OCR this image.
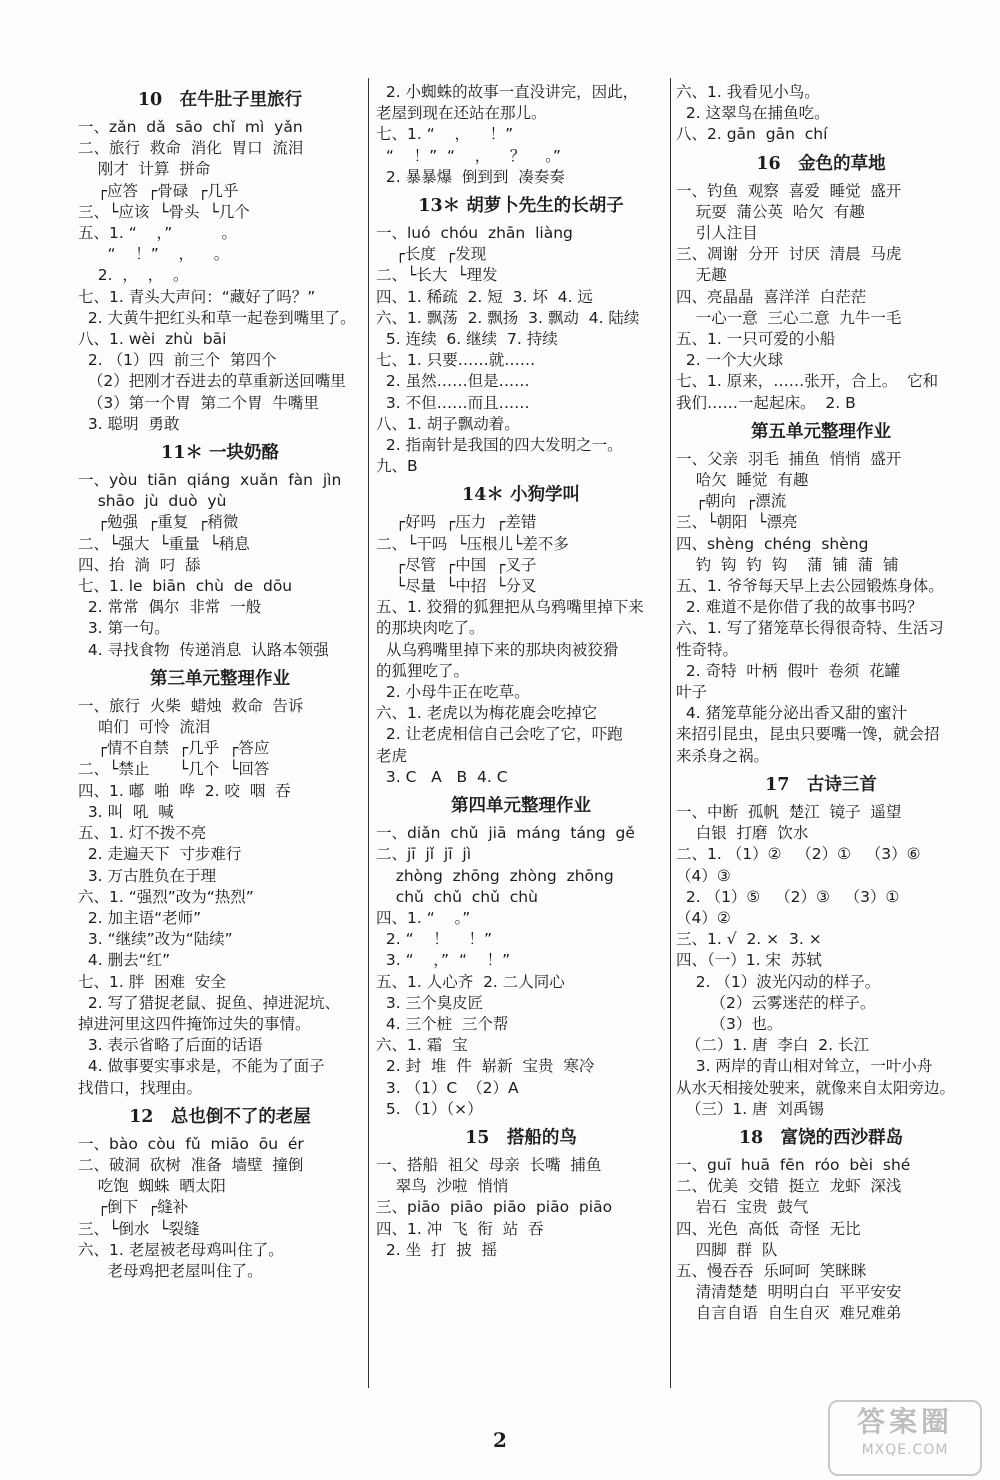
10　在牛肚子里旅行
一、zǎn  dǎ  sāo  chǐ  mì  yǎn
二、旅行  救命  消化  胃口  流泪
刚才  计算  拼命
┌应答  ┌骨碌  ┌几乎
三、└应该  └骨头  └几个
五、1. “    ，”          。
“    ！”    ，    。
2.  ，  ，  。
七、1. 青头大声问：“藏好了吗？”
2. 大黄牛把红头和草一起卷到嘴里了。
八、1. wèi  zhù  bāi
2. （1）四  前三个  第四个
（2）把刚才吞进去的草重新送回嘴里
（3）第一个胃  第二个胃  牛嘴里
3. 聪明  勇敢
11＊ 一块奶酪
一、yòu  tiān  qiáng  xuǎn  fàn  jìn
shāo  jù  duò  yù
┌勉强  ┌重复  ┌稍微
二、└强大  └重量  └稍息
四、抬  淌  叼  舔
七、1. le  biān  chù  de  dōu
2. 常常  偶尔  非常  一般
3. 第一句。
4. 寻找食物  传递消息  认路本领强
第三单元整理作业
一、旅行  火柴  蜡烛  救命  告诉
咱们  可怜  流泪
┌情不自禁  ┌几乎  ┌答应
二、└禁止      └几个  └回答
四、1. 嘟  啪  哗  2. 咬  咽  吞
3. 叫  吼  喊
五、1. 灯不拨不亮
2. 走遍天下  寸步难行
3. 万古胜负在于理
六、1. “强烈”改为“热烈”
2. 加主语“老师”
3. “继续”改为“陆续”
4. 删去“红”
七、1. 胖  困难  安全
2. 写了猎捉老鼠、捉鱼、掉进泥坑、
掉进河里这四件掩饰过失的事情。
3. 表示省略了后面的话语
4. 做事要实事求是，不能为了面子
找借口，找理由。
12　总也倒不了的老屋
一、bào  còu  fǔ  miāo  ōu  ér
二、破洞  砍树  准备  墙壁  撞倒
吃饱  蜘蛛  晒太阳
┌倒下  ┌缝补
三、└倒水  └裂缝
六、1. 老屋被老母鸡叫住了。
老母鸡把老屋叫住了。
2. 小蜘蛛的故事一直没讲完，因此，
老屋到现在还站在那儿。
七、1. “    ，    ！”
“    ！”  “    ，    ？    。”
2. 暴暴爆  倒到到  凑奏奏
13＊ 胡萝卜先生的长胡子
一、luó  chóu  zhān  liàng
┌长度  ┌发现
二、└长大  └理发
四、1. 稀疏  2. 短  3. 坏  4. 远
六、1. 飘荡  2. 飘扬  3. 飘动  4. 陆续
5. 连续  6. 继续  7. 持续
七、1. 只要……就……
2. 虽然……但是……
3. 不但……而且……
八、1. 胡子飘动着。
2. 指南针是我国的四大发明之一。
九、B
14＊ 小狗学叫
┌好吗  ┌压力  ┌差错
二、└干吗  └压根儿└差不多
┌尽管  ┌中国  ┌叉子
└尽量  └中招  └分叉
五、1. 狡猾的狐狸把从乌鸦嘴里掉下来
的那块肉吃了。
从乌鸦嘴里掉下来的那块肉被狡猾
的狐狸吃了。
2. 小母牛正在吃草。
六、1. 老虎以为梅花鹿会吃掉它
2. 让老虎相信自己会吃了它，吓跑
老虎
3. C   A   B  4. C
第四单元整理作业
一、diǎn  chǔ  jiā  máng  táng  gě
二、jī  jǐ  jī  jì
zhòng  zhōng  zhòng  zhōng
chǔ  chǔ  chǔ  chù
四、1. “    。”
2. “    ！    ！”
3. “    ，”  “    ！”
五、1. 人心齐  2. 二人同心
3. 三个臭皮匠
4. 三个桩  三个帮
六、1. 霜  宝
2. 封  堆  件  崭新  宝贵  寒冷
3. （1）C  （2）A
5. （1）（×）
15　搭船的鸟
一、搭船  祖父  母亲  长嘴  捕鱼
翠鸟  沙啦  悄悄
三、piāo  piāo  piāo  piāo  piāo
四、1. 冲  飞  衔  站  吞
2. 坐  打  披  摇
六、1. 我看见小鸟。
2. 这翠鸟在捕鱼吃。
八、2. gān  gān  chí
16　金色的草地
一、钓鱼  观察  喜爱  睡觉  盛开
玩耍  蒲公英  哈欠  有趣
引人注目
三、凋谢  分开  讨厌  清晨  马虎
无趣
四、亮晶晶  喜洋洋  白茫茫
一心一意  三心二意  九牛一毛
五、1. 一只可爱的小船
2. 一个大火球
七、1. 原来，……张开，合上。  它和
我们……一起起床。  2. B
第五单元整理作业
一、父亲  羽毛  捕鱼  悄悄  盛开
哈欠  睡觉  有趣
┌朝向  ┌漂流
三、└朝阳  └漂亮
四、shèng  chéng  shèng
钓  钩  钓  钩    蒲  铺  蒲  铺
五、1. 爷爷每天早上去公园锻炼身体。
2. 难道不是你借了我的故事书吗？
六、1. 写了猪笼草长得很奇特、生活习
性奇特。
2. 奇特  叶柄  假叶  卷须  花罐
叶子
4. 猪笼草能分泌出香又甜的蜜汁
来招引昆虫，昆虫只要嘴一馋，就会招
来杀身之祸。
17　古诗三首
一、中断  孤帆  楚江  镜子  遥望
白银  打磨  饮水
二、1. （1）②   （2）①   （3）⑥
（4）③
2. （1）⑤   （2）③   （3）①
（4）②
三、1. √  2. ×  3. ×
四、（一）1. 宋  苏轼
2. （1）波光闪动的样子。
（2）云雾迷茫的样子。
（3）也。
（二）1. 唐  李白  2. 长江
3. 两岸的青山相对耸立，一叶小舟
从水天相接处驶来，就像来自太阳旁边。
（三）1. 唐  刘禹锡
18　富饶的西沙群岛
一、guī  huā  fēn  róo  bèi  shé
二、优美  交错  挺立  龙虾  深浅
岩石  宝贵  鼓气
四、光色  高低  奇怪  无比
四脚  群  队
五、慢吞吞  乐呵呵  笑眯眯
清清楚楚  明明白白  平平安安
自言自语  自生自灭  难兄难弟
2
答案圈
MXQE.COM
